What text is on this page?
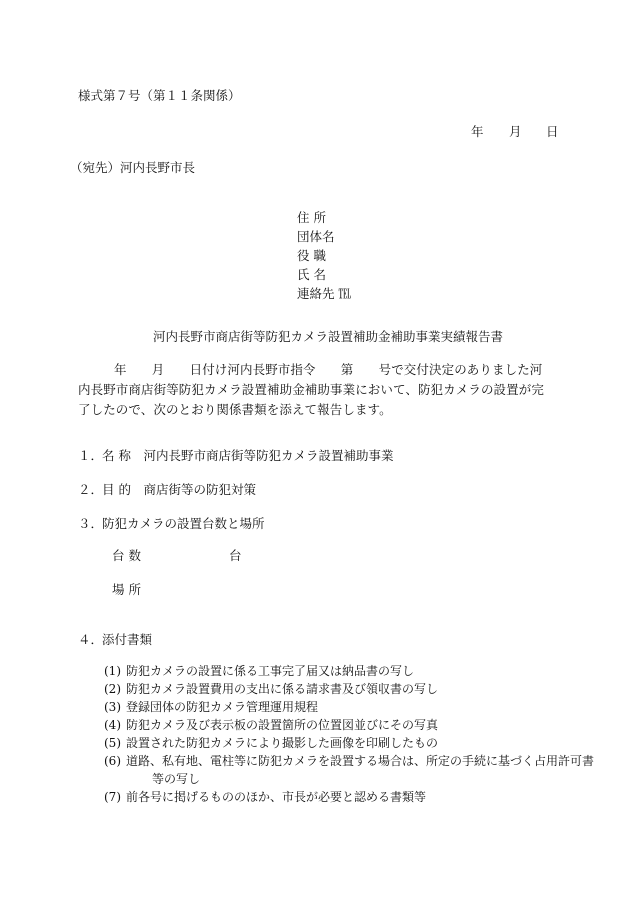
様式第７号（第１１条関係）
年 月 日
（宛先）河内長野市長
住 所
団体名
役 職
氏 名
連絡先 ℡
河内長野市商店街等防犯カメラ設置補助金補助事業実績報告書
年　　月　　日付け河内長野市指令　　第　　号で交付決定のありました河内長野市商店街等防犯カメラ設置補助金補助事業において、防犯カメラの設置が完了したので、次のとおり関係書類を添えて報告します。
１．名 称　河内長野市商店街等防犯カメラ設置補助事業
２．目 的　商店街等の防犯対策
３．防犯カメラの設置台数と場所
台 数	台
場 所
４．添付書類
(1) 防犯カメラの設置に係る工事完了届又は納品書の写し
(2) 防犯カメラ設置費用の支出に係る請求書及び領収書の写し
(3) 登録団体の防犯カメラ管理運用規程
(4) 防犯カメラ及び表示板の設置箇所の位置図並びにその写真
(5) 設置された防犯カメラにより撮影した画像を印刷したもの
(6) 道路、私有地、電柱等に防犯カメラを設置する場合は、所定の手続に基づく占用許可書
等の写し
(7) 前各号に掲げるもののほか、市長が必要と認める書類等
